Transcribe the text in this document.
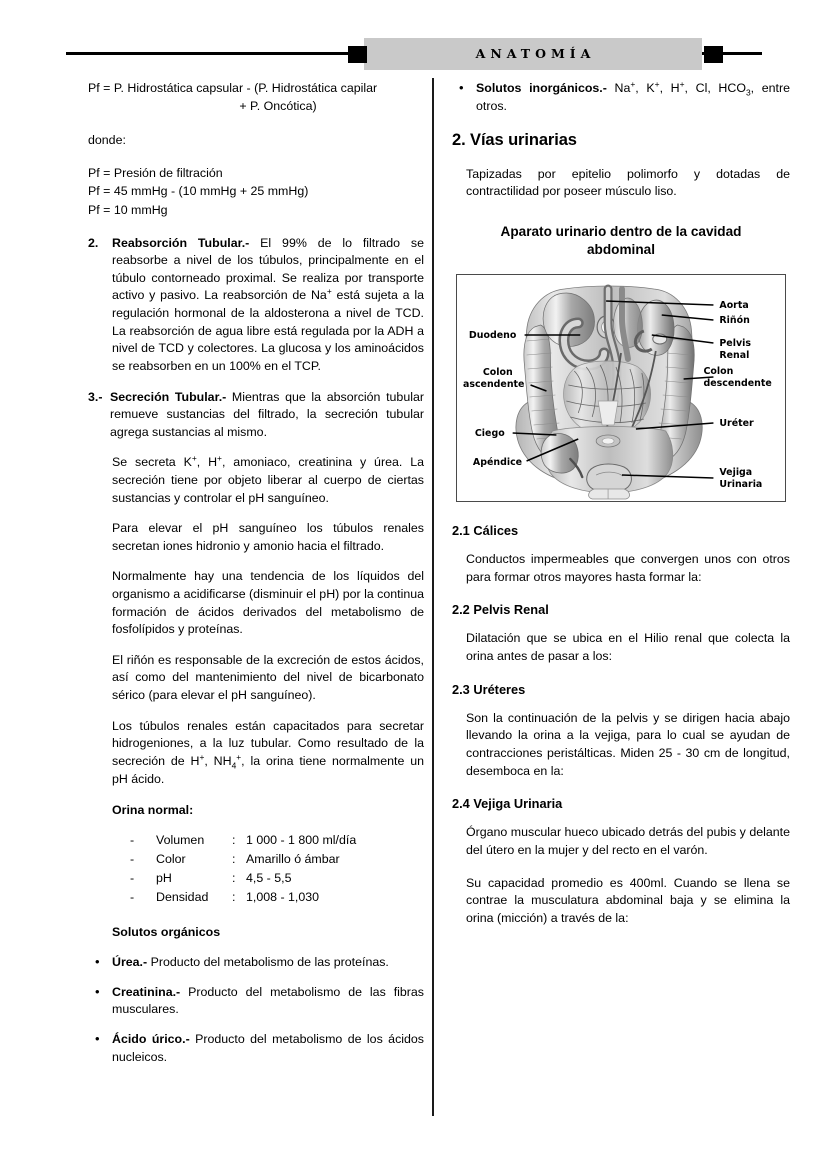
ANATOMÍA

Pf = P. Hidrostática capsular - (P. Hidrostática capilar

+ P. Oncótica)

donde:

Pf = Presión de filtración

Pf = 45 mmHg - (10 mmHg + 25 mmHg)

Pf = 10 mmHg

2. Reabsorción Tubular.- El 99% de lo filtrado se reabsorbe a nivel de los túbulos, principalmente en el túbulo contorneado proximal. Se realiza por transporte activo y pasivo. La reabsorción de Na+ está sujeta a la regulación hormonal de la aldosterona a nivel de TCD. La reabsorción de agua libre está regulada por la ADH a nivel de TCD y colectores. La glucosa y los aminoácidos se reabsorben en un 100% en el TCP.
3.- Secreción Tubular.- Mientras que la absorción tubular remueve sustancias del filtrado, la secreción tubular agrega sustancias al mismo.
Se secreta K+, H+, amoniaco, creatinina y úrea. La secreción tiene por objeto liberar al cuerpo de ciertas sustancias y controlar el pH sanguíneo.
Para elevar el pH sanguíneo los túbulos renales secretan iones hidronio y amonio hacia el filtrado.
Normalmente hay una tendencia de los líquidos del organismo a acidificarse (disminuir el pH) por la continua formación de ácidos derivados del metabolismo de fosfolípidos y proteínas.
El riñón es responsable de la excreción de estos ácidos, así como del mantenimiento del nivel de bicarbonato sérico (para elevar el pH sanguíneo).
Los túbulos renales están capacitados para secretar hidrogeniones, a la luz tubular. Como resultado de la secreción de H+, $NH_4^+$, la orina tiene normalmente un pH ácido.
Orina normal:
-	Volumen	: 1 000 - 1 800 ml/día
-	Color	: Amarillo ó ámbar
-	pH	: 4,5 - 5,5
-	Densidad	: 1,008 - 1,030
Solutos orgánicos
• Úrea.- Producto del metabolismo de las proteínas.
• Creatinina.- Producto del metabolismo de las fibras musculares.
• Ácido úrico.- Producto del metabolismo de los ácidos nucleicos.
• Solutos inorgánicos.- Na+, K+, H+, Cl, $HCO_3$, entre otros.
2. Vías urinarias
Tapizadas por epitelio polimorfo y dotadas de contractilidad por poseer músculo liso.
Aparato urinario dentro de la cavidad abdominal
Aorta
Riñón
Pelvis
Renal
Duodeno
Colon
ascendente
Colon
descendente
Ciego
Apéndice
Uréter
Vejiga
Urinaria
2.1 Cálices
Conductos impermeables que convergen unos con otros para formar otros mayores hasta formar la:
2.2 Pelvis Renal
Dilatación que se ubica en el Hilio renal que colecta la orina antes de pasar a los:
2.3 Uréteres
Son la continuación de la pelvis y se dirigen hacia abajo llevando la orina a la vejiga, para lo cual se ayudan de contracciones peristálticas. Miden 25 - 30 cm de longitud, desemboca en la:
2.4 Vejiga Urinaria
Órgano muscular hueco ubicado detrás del pubis y delante del útero en la mujer y del recto en el varón.
Su capacidad promedio es 400ml. Cuando se llena se contrae la musculatura abdominal baja y se elimina la orina (micción) a través de la:
